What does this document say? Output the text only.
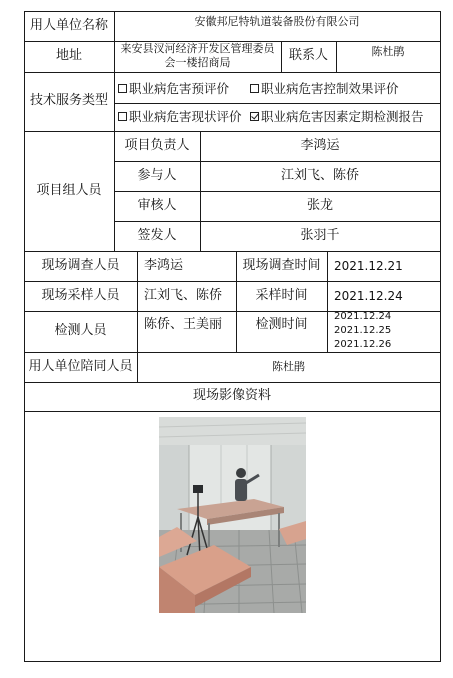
用人单位名称	安徽邦尼特轨道装备股份有限公司
地址	来安县汊河经济开发区管理委员
会一楼招商局	联系人	陈杜鹃
技术服务类型
职业病危害预评价	职业病危害控制效果评价
职业病危害现状评价 职业病危害因素定期检测报告
项目组人员
项目负责人	李鸿运
参与人	江刘飞、陈侨
审核人	张龙
签发人	张羽千
现场调查人员	李鸿运	现场调查时间	2021.12.21
现场采样人员	江刘飞、陈侨	采样时间	2021.12.24
检测人员	陈侨、王美丽	检测时间
2021.12.24
2021.12.25
2021.12.26
用人单位陪同人员	陈杜鹃
现场影像资料
